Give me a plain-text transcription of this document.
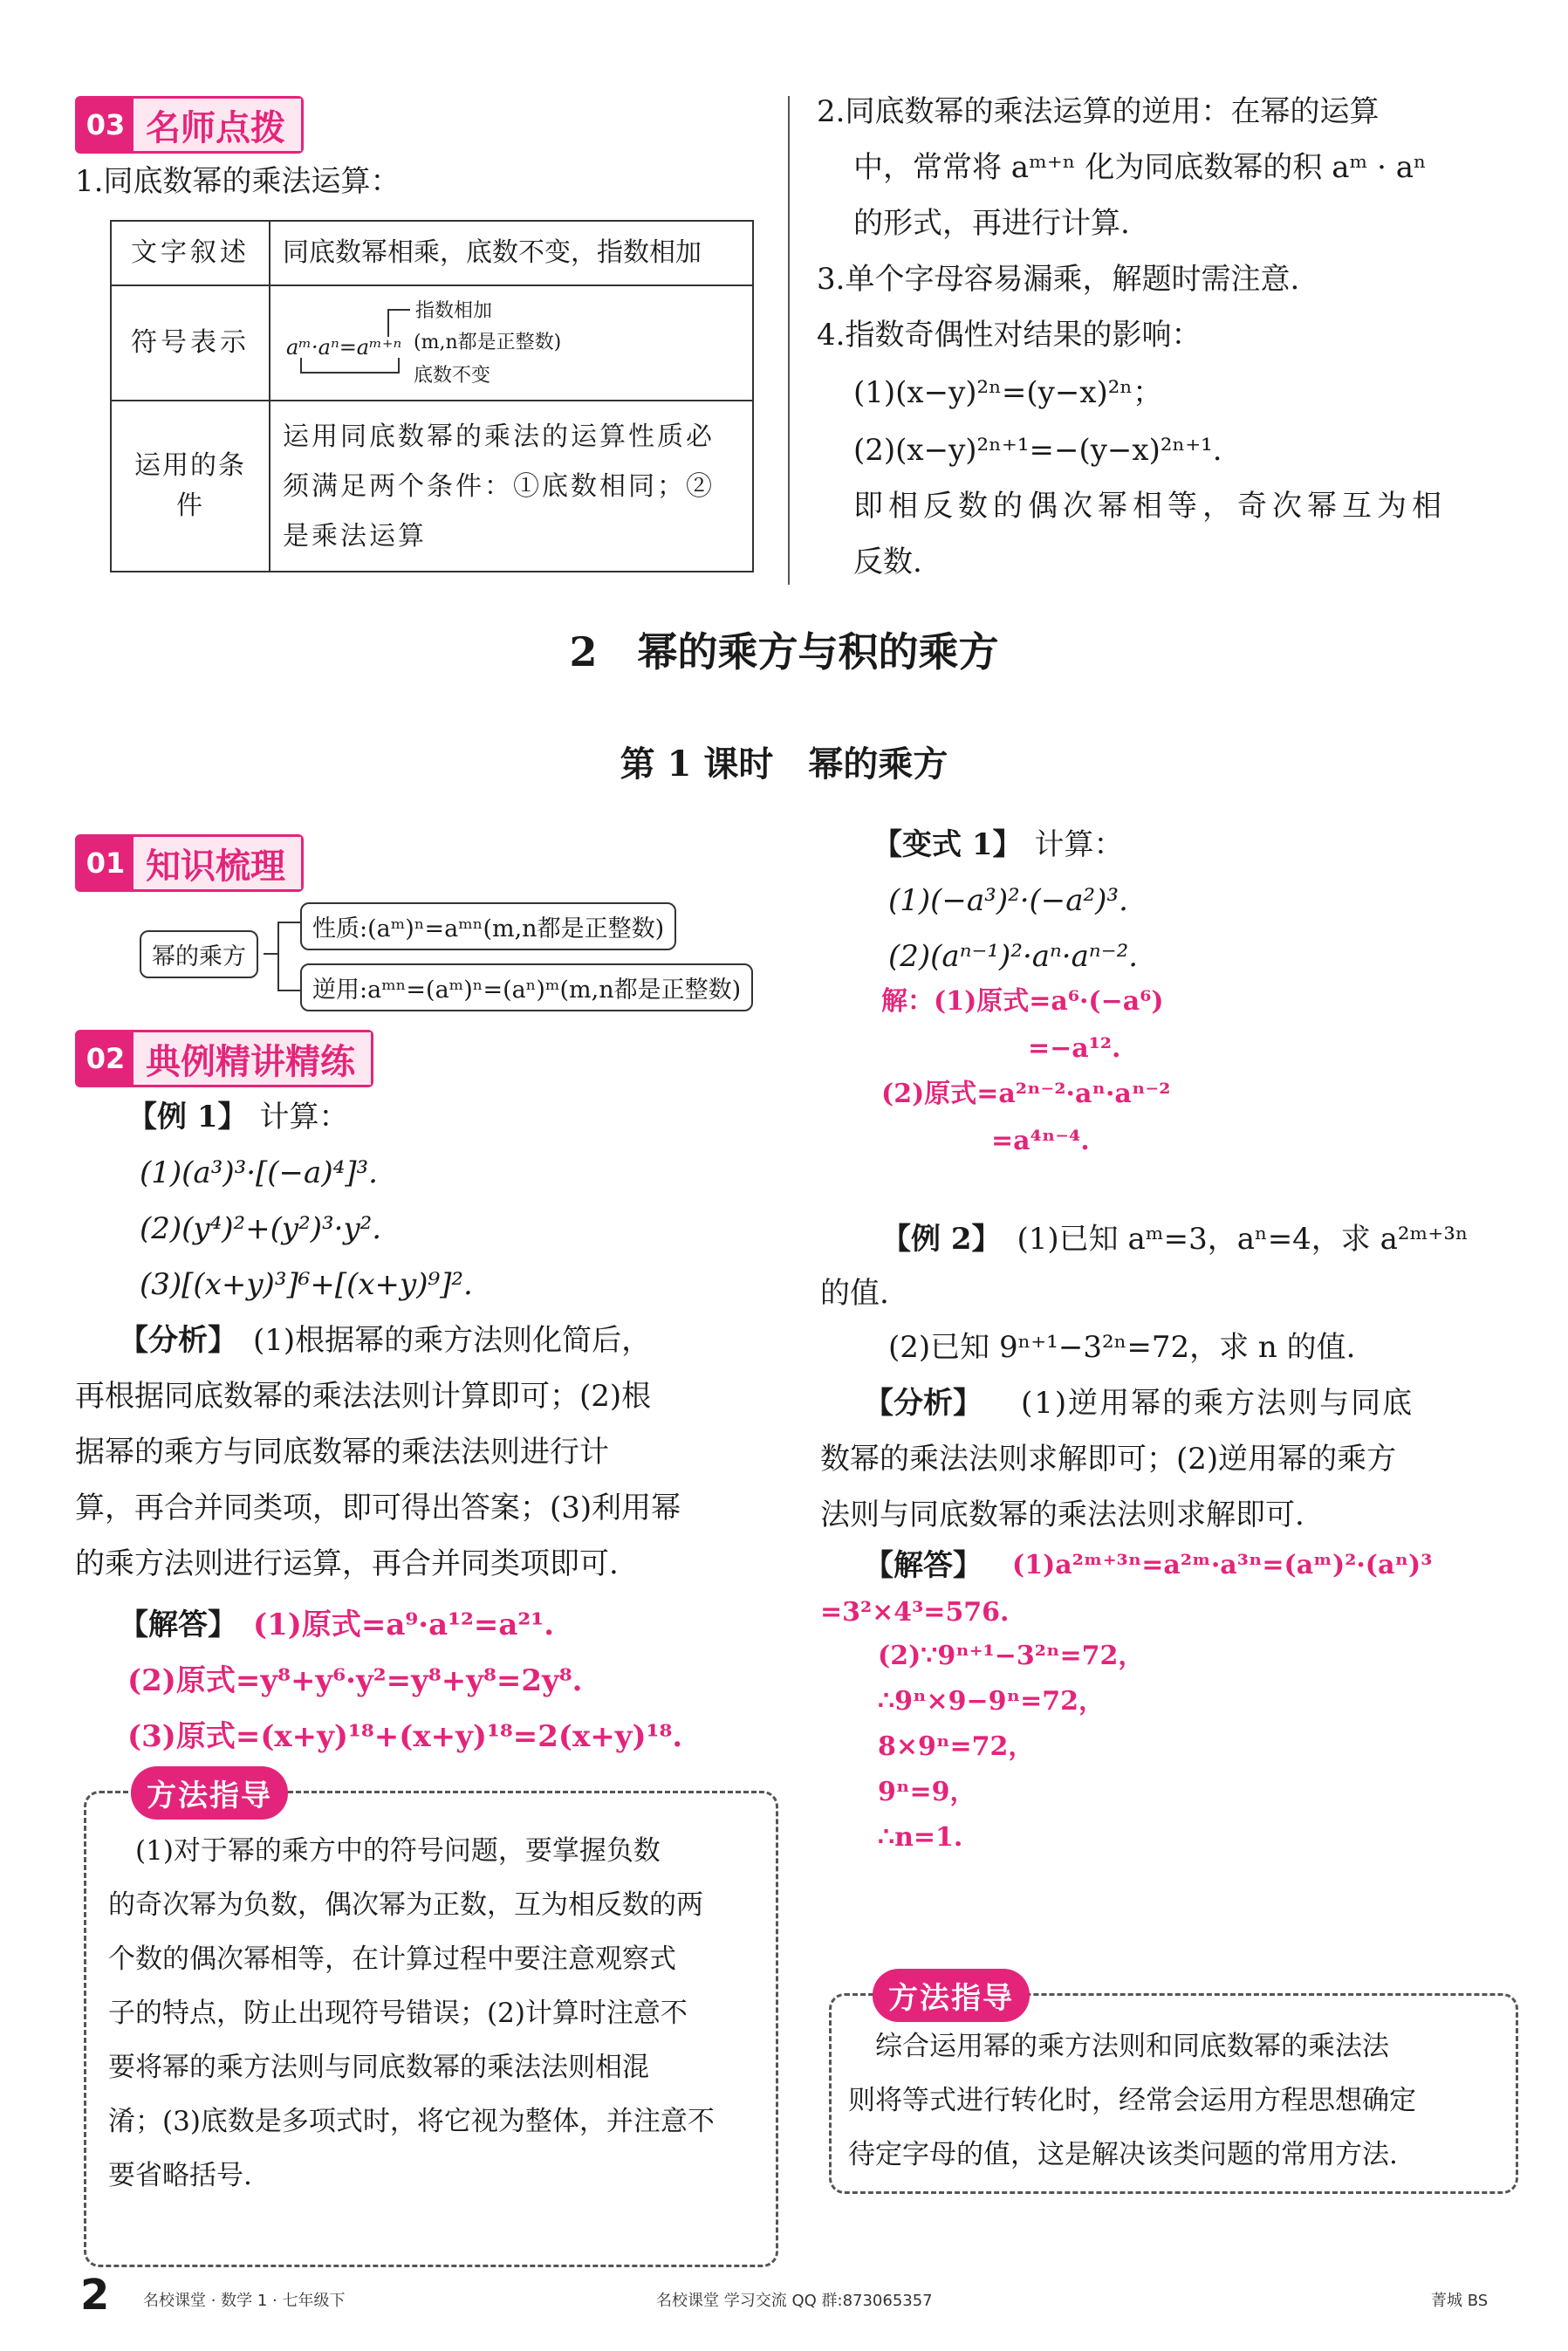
03 名师点拨
1.同底数幂的乘法运算：
文字叙述	同底数幂相乘，底数不变，指数相加
符号表示	aᵐ·aⁿ=aᵐ⁺ⁿ
指数相加
(m,n都是正整数)
底数不变

运用的条件	运用同底数幂的乘法的运算性质必须满足两个条件：①底数相同；②是乘法运算
2.同底数幂的乘法运算的逆用：在幂的运算
中，常常将 aᵐ⁺ⁿ 化为同底数幂的积 aᵐ · aⁿ
的形式，再进行计算.
3.单个字母容易漏乘，解题时需注意.
4.指数奇偶性对结果的影响：
(1)(x−y)²ⁿ=(y−x)²ⁿ；
(2)(x−y)²ⁿ⁺¹=−(y−x)²ⁿ⁺¹.
即相反数的偶次幂相等，奇次幂互为相
反数.
2　幂的乘方与积的乘方
第 1 课时　幂的乘方
01 知识梳理
幂的乘方
性质:(aᵐ)ⁿ=aᵐⁿ(m,n都是正整数)
逆用:aᵐⁿ=(aᵐ)ⁿ=(aⁿ)ᵐ(m,n都是正整数)
02 典例精讲精练
【例 1】 计算：
(1)(a³)³·[(−a)⁴]³.
(2)(y⁴)²+(y²)³·y².
(3)[(x+y)³]⁶+[(x+y)⁹]².
【分析】 (1)根据幂的乘方法则化简后，
再根据同底数幂的乘法法则计算即可；(2)根
据幂的乘方与同底数幂的乘法法则进行计
算，再合并同类项，即可得出答案；(3)利用幂
的乘方法则进行运算，再合并同类项即可.
【解答】 (1)原式=a⁹·a¹²=a²¹.
(2)原式=y⁸+y⁶·y²=y⁸+y⁸=2y⁸.
(3)原式=(x+y)¹⁸+(x+y)¹⁸=2(x+y)¹⁸.
方法指导
　(1)对于幂的乘方中的符号问题，要掌握负数
的奇次幂为负数，偶次幂为正数，互为相反数的两
个数的偶次幂相等，在计算过程中要注意观察式
子的特点，防止出现符号错误；(2)计算时注意不
要将幂的乘方法则与同底数幂的乘法法则相混
淆；(3)底数是多项式时，将它视为整体，并注意不
要省略括号.
【变式 1】 计算：
(1)(−a³)²·(−a²)³.
(2)(aⁿ⁻¹)²·aⁿ·aⁿ⁻².
解：(1)原式=a⁶·(−a⁶)
=−a¹².
(2)原式=a²ⁿ⁻²·aⁿ·aⁿ⁻²
=a⁴ⁿ⁻⁴.
【例 2】 (1)已知 aᵐ=3，aⁿ=4，求 a²ᵐ⁺³ⁿ
的值.
(2)已知 9ⁿ⁺¹−3²ⁿ=72，求 n 的值.
【分析】 (1)逆用幂的乘方法则与同底
数幂的乘法法则求解即可；(2)逆用幂的乘方
法则与同底数幂的乘法法则求解即可.
【解答】 (1)a²ᵐ⁺³ⁿ=a²ᵐ·a³ⁿ=(aᵐ)²·(aⁿ)³
=3²×4³=576.
(2)∵9ⁿ⁺¹−3²ⁿ=72，
∴9ⁿ×9−9ⁿ=72，
8×9ⁿ=72，
9ⁿ=9，
∴n=1.
方法指导
　综合运用幂的乘方法则和同底数幂的乘法法
则将等式进行转化时，经常会运用方程思想确定
待定字母的值，这是解决该类问题的常用方法.
2 名校课堂 · 数学 1 · 七年级下	名校课堂 学习交流 QQ 群:873065357	菁城 BS
